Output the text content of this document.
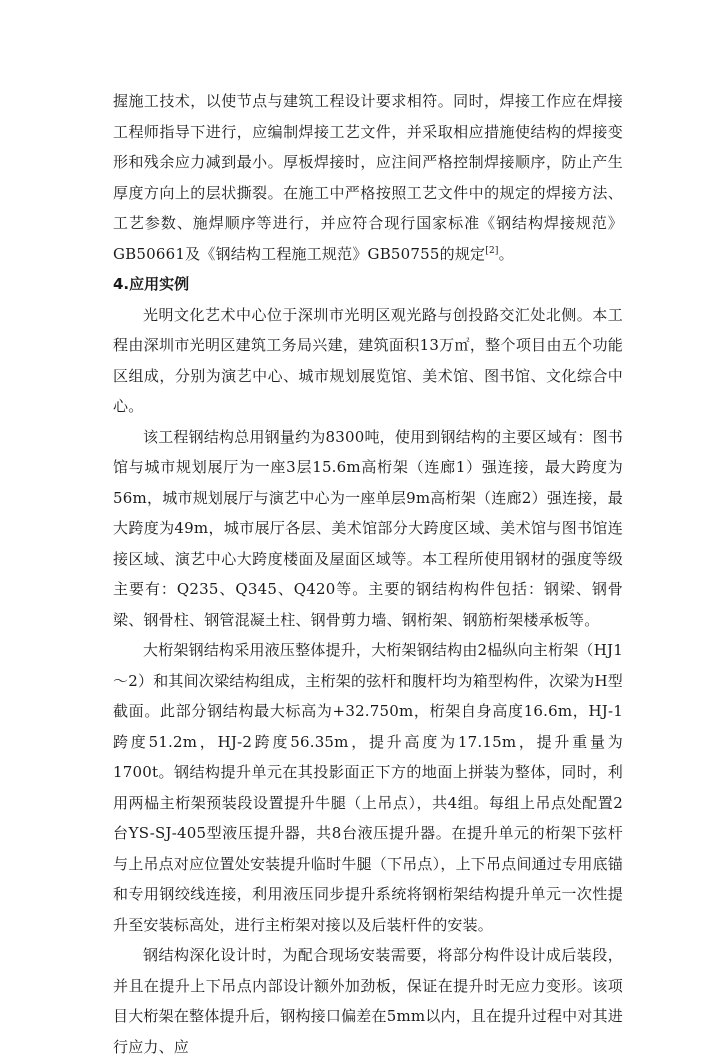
握施工技术，以使节点与建筑工程设计要求相符。同时，焊接工作应在焊接工程师指导下进行，应编制焊接工艺文件，并采取相应措施使结构的焊接变形和残余应力减到最小。厚板焊接时，应注间严格控制焊接顺序，防止产生厚度方向上的层状撕裂。在施工中严格按照工艺文件中的规定的焊接方法、工艺参数、施焊顺序等进行，并应符合现行国家标准《钢结构焊接规范》GB50661及《钢结构工程施工规范》GB50755的规定[2]。

4.应用实例

光明文化艺术中心位于深圳市光明区观光路与创投路交汇处北侧。本工程由深圳市光明区建筑工务局兴建，建筑面积13万㎡，整个项目由五个功能区组成，分别为演艺中心、城市规划展览馆、美术馆、图书馆、文化综合中心。

该工程钢结构总用钢量约为8300吨，使用到钢结构的主要区域有：图书馆与城市规划展厅为一座3层15.6m高桁架（连廊1）强连接，最大跨度为56m，城市规划展厅与演艺中心为一座单层9m高桁架（连廊2）强连接，最大跨度为49m，城市展厅各层、美术馆部分大跨度区域、美术馆与图书馆连接区域、演艺中心大跨度楼面及屋面区域等。本工程所使用钢材的强度等级主要有：Q235、Q345、Q420等。主要的钢结构构件包括：钢梁、钢骨梁、钢骨柱、钢管混凝土柱、钢骨剪力墙、钢桁架、钢筋桁架楼承板等。

大桁架钢结构采用液压整体提升，大桁架钢结构由2榀纵向主桁架（HJ1～2）和其间次梁结构组成，主桁架的弦杆和腹杆均为箱型构件，次梁为H型截面。此部分钢结构最大标高为+32.750m，桁架自身高度16.6m，HJ-1跨度51.2m，HJ-2跨度56.35m，提升高度为17.15m，提升重量为1700t。钢结构提升单元在其投影面正下方的地面上拼装为整体，同时，利用两榀主桁架预装段设置提升牛腿（上吊点），共4组。每组上吊点处配置2台YS-SJ-405型液压提升器，共8台液压提升器。在提升单元的桁架下弦杆与上吊点对应位置处安装提升临时牛腿（下吊点），上下吊点间通过专用底锚和专用钢绞线连接，利用液压同步提升系统将钢桁架结构提升单元一次性提升至安装标高处，进行主桁架对接以及后装杆件的安装。

钢结构深化设计时，为配合现场安装需要，将部分构件设计成后装段，并且在提升上下吊点内部设计额外加劲板，保证在提升时无应力变形。该项目大桁架在整体提升后，钢构接口偏差在5mm以内，且在提升过程中对其进行应力、应
